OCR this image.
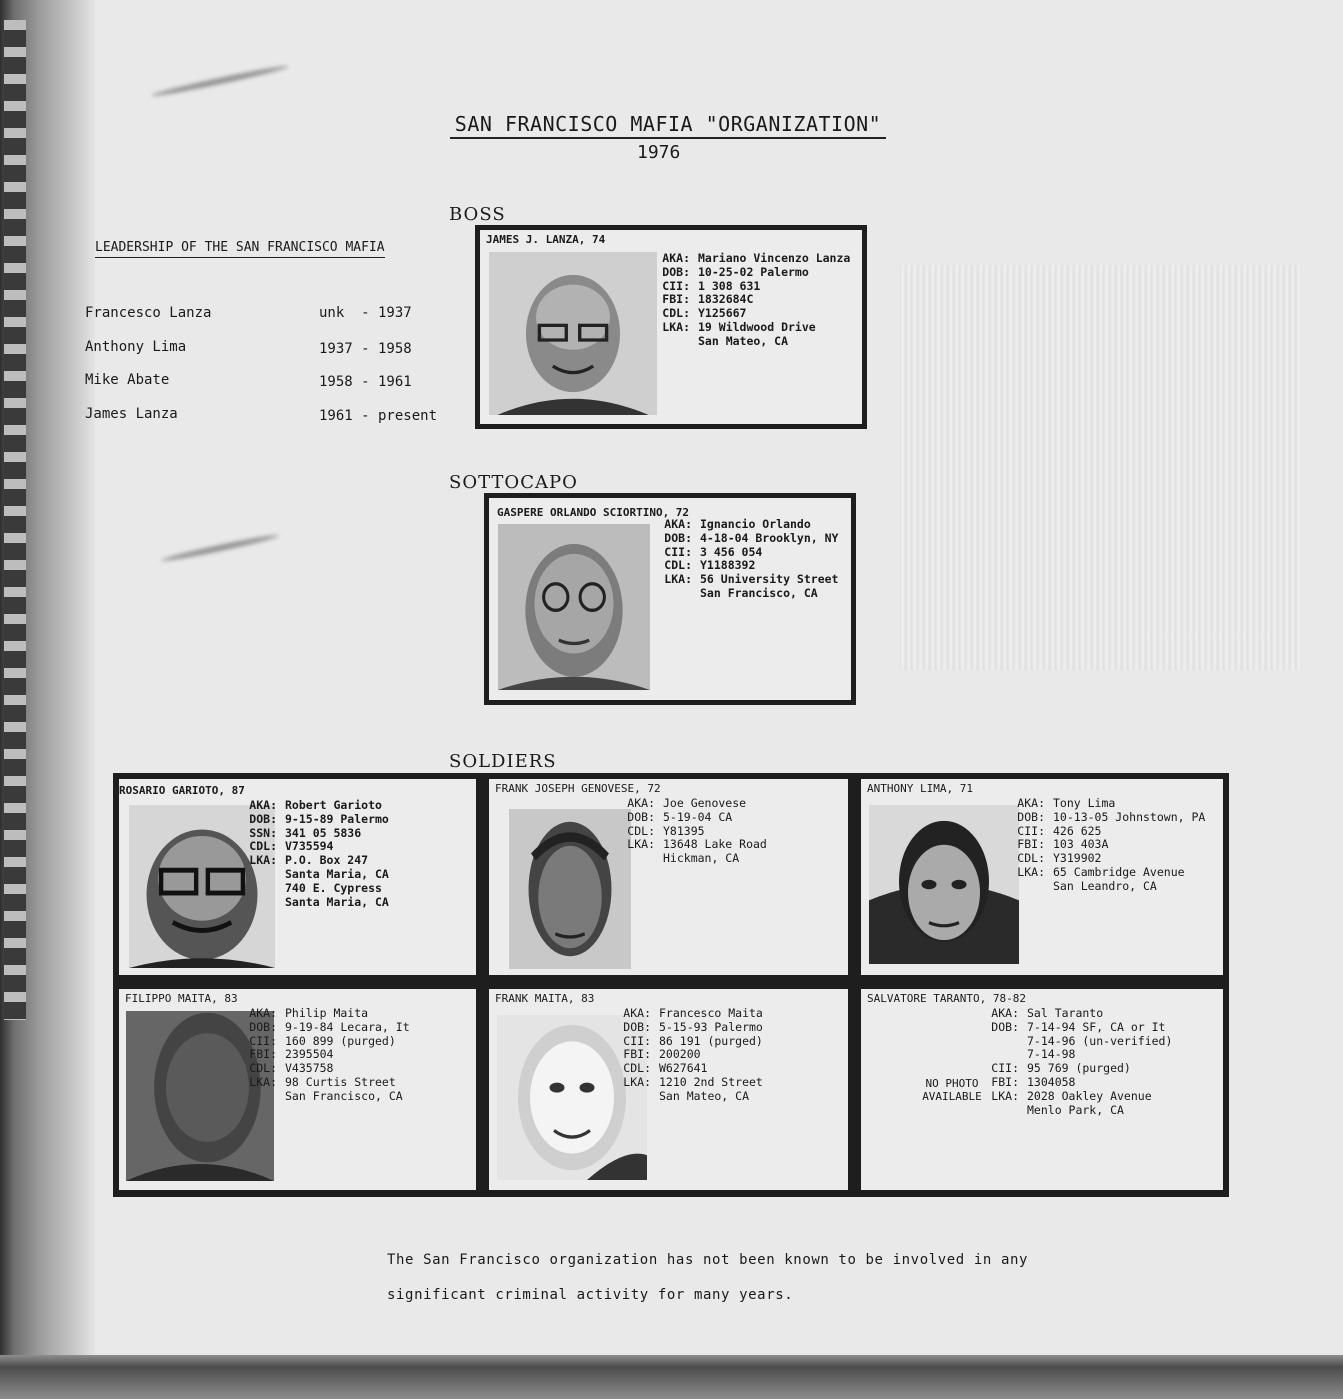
SAN FRANCISCO MAFIA "ORGANIZATION"
1976
LEADERSHIP OF THE SAN FRANCISCO MAFIA
Francesco Lanza	unk  - 1937
Anthony Lima	1937 - 1958
Mike Abate	1958 - 1961
James Lanza	1961 - present
BOSS
SOTTOCAPO
SOLDIERS
JAMES J. LANZA, 74
AKA: Mariano Vincenzo Lanza
DOB: 10-25-02 Palermo
CII: 1 308 631
FBI: 1832684C
CDL: Y125667
LKA: 19 Wildwood Drive
San Mateo, CA
GASPERE ORLANDO SCIORTINO, 72
AKA: Ignancio Orlando
DOB: 4-18-04 Brooklyn, NY
CII: 3 456 054
CDL: Y1188392
LKA: 56 University Street
San Francisco, CA
ROSARIO GARIOTO, 87
AKA: Robert Garioto
DOB: 9-15-89 Palermo
SSN: 341 05 5836
CDL: V735594
LKA: P.O. Box 247
Santa Maria, CA
740 E. Cypress
Santa Maria, CA
FRANK JOSEPH GENOVESE, 72
AKA: Joe Genovese
DOB: 5-19-04 CA
CDL: Y81395
LKA: 13648 Lake Road
Hickman, CA
ANTHONY LIMA, 71
AKA: Tony Lima
DOB: 10-13-05 Johnstown, PA
CII: 426 625
FBI: 103 403A
CDL: Y319902
LKA: 65 Cambridge Avenue
San Leandro, CA
FILIPPO MAITA, 83
AKA: Philip Maita
DOB: 9-19-84 Lecara, It
CII: 160 899 (purged)
FBI: 2395504
CDL: V435758
LKA: 98 Curtis Street
San Francisco, CA
FRANK MAITA, 83
AKA: Francesco Maita
DOB: 5-15-93 Palermo
CII: 86 191 (purged)
FBI: 200200
CDL: W627641
LKA: 1210 2nd Street
San Mateo, CA
SALVATORE TARANTO, 78-82
NO PHOTO AVAILABLE
AKA: Sal Taranto
DOB: 7-14-94 SF, CA or It
7-14-96 (un-verified)
7-14-98
CII: 95 769 (purged)
FBI: 1304058
LKA: 2028 Oakley Avenue
Menlo Park, CA
The San Francisco organization has not been known to be involved in any
significant criminal activity for many years.
